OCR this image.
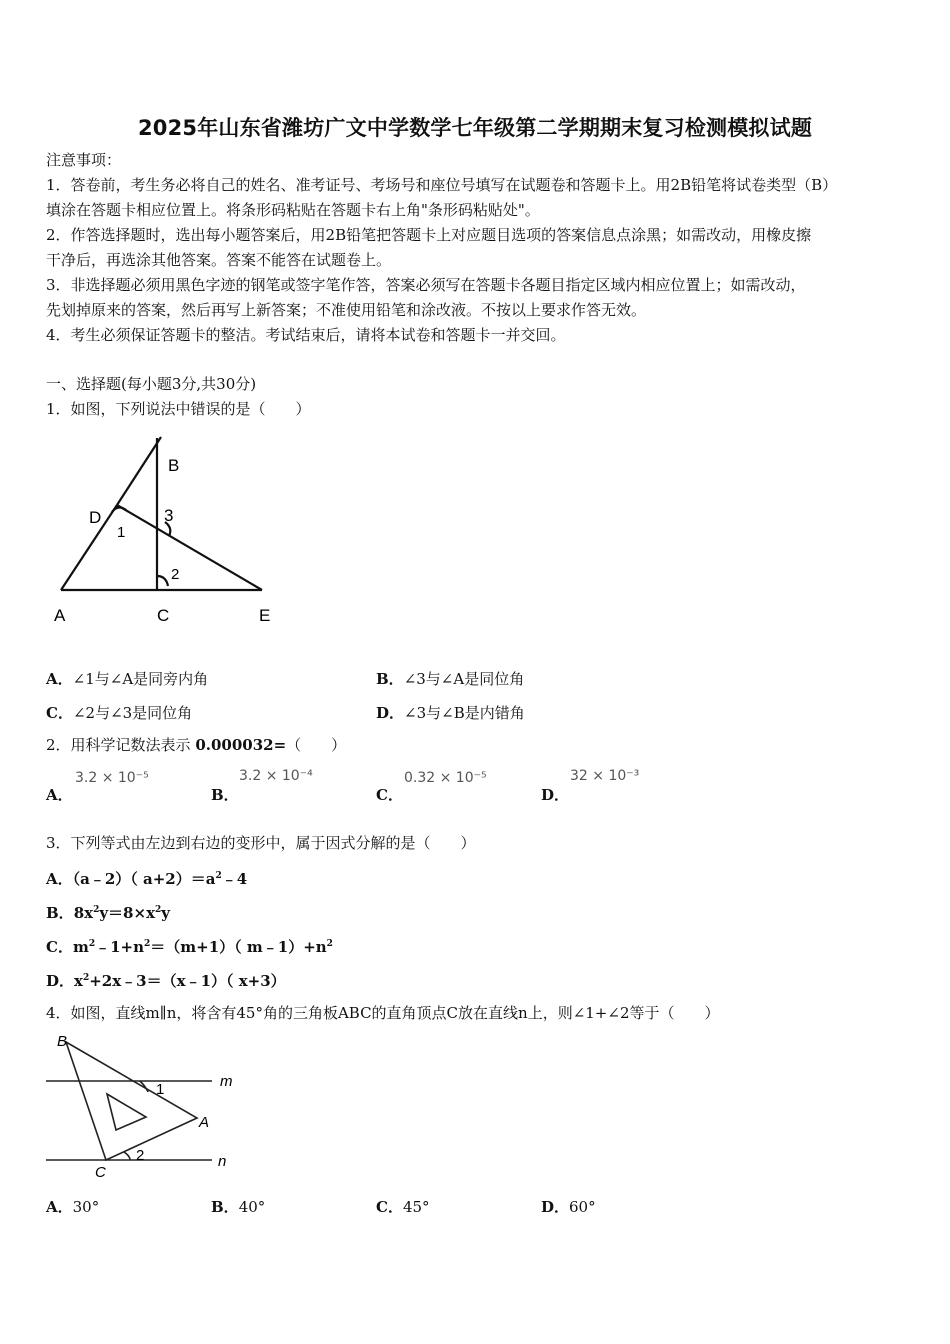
2025年山东省潍坊广文中学数学七年级第二学期期末复习检测模拟试题
注意事项：
1．答卷前，考生务必将自己的姓名、准考证号、考场号和座位号填写在试题卷和答题卡上。用2B铅笔将试卷类型（B）
填涂在答题卡相应位置上。将条形码粘贴在答题卡右上角"条形码粘贴处"。
2．作答选择题时，选出每小题答案后，用2B铅笔把答题卡上对应题目选项的答案信息点涂黑；如需改动，用橡皮擦
干净后，再选涂其他答案。答案不能答在试题卷上。
3．非选择题必须用黑色字迹的钢笔或签字笔作答，答案必须写在答题卡各题目指定区域内相应位置上；如需改动，
先划掉原来的答案，然后再写上新答案；不准使用铅笔和涂改液。不按以上要求作答无效。
4．考生必须保证答题卡的整洁。考试结束后，请将本试卷和答题卡一并交回。
一、选择题(每小题3分,共30分)
1．如图，下列说法中错误的是（　　）
B
D
1
3
2
A	C	E
A．∠1与∠A是同旁内角	B．∠3与∠A是同位角
C．∠2与∠3是同位角	D．∠3与∠B是内错角
2．用科学记数法表示 0.000032=（　　）
A．
3.2 × 10⁻⁵
B．
3.2 × 10⁻⁴
C．
0.32 × 10⁻⁵
D．
32 × 10⁻³
3．下列等式由左边到右边的变形中，属于因式分解的是（　　）
A．（a﹣2）（ $a+2)=a^2﹣4$
B．$8x^2y=8\times x^2y$
C．$m^2﹣1+n^2=(m+1)$（ $m﹣1)+n^2$
D．$x^2+2x﹣3=(x﹣1)$（ x+3）
4．如图，直线m∥n，将含有45°角的三角板ABC的直角顶点C放在直线n上，则∠1+∠2等于（　　）
B
m
1
A
2
C
n
A．30°	B．40°	C．45°	D．60°
